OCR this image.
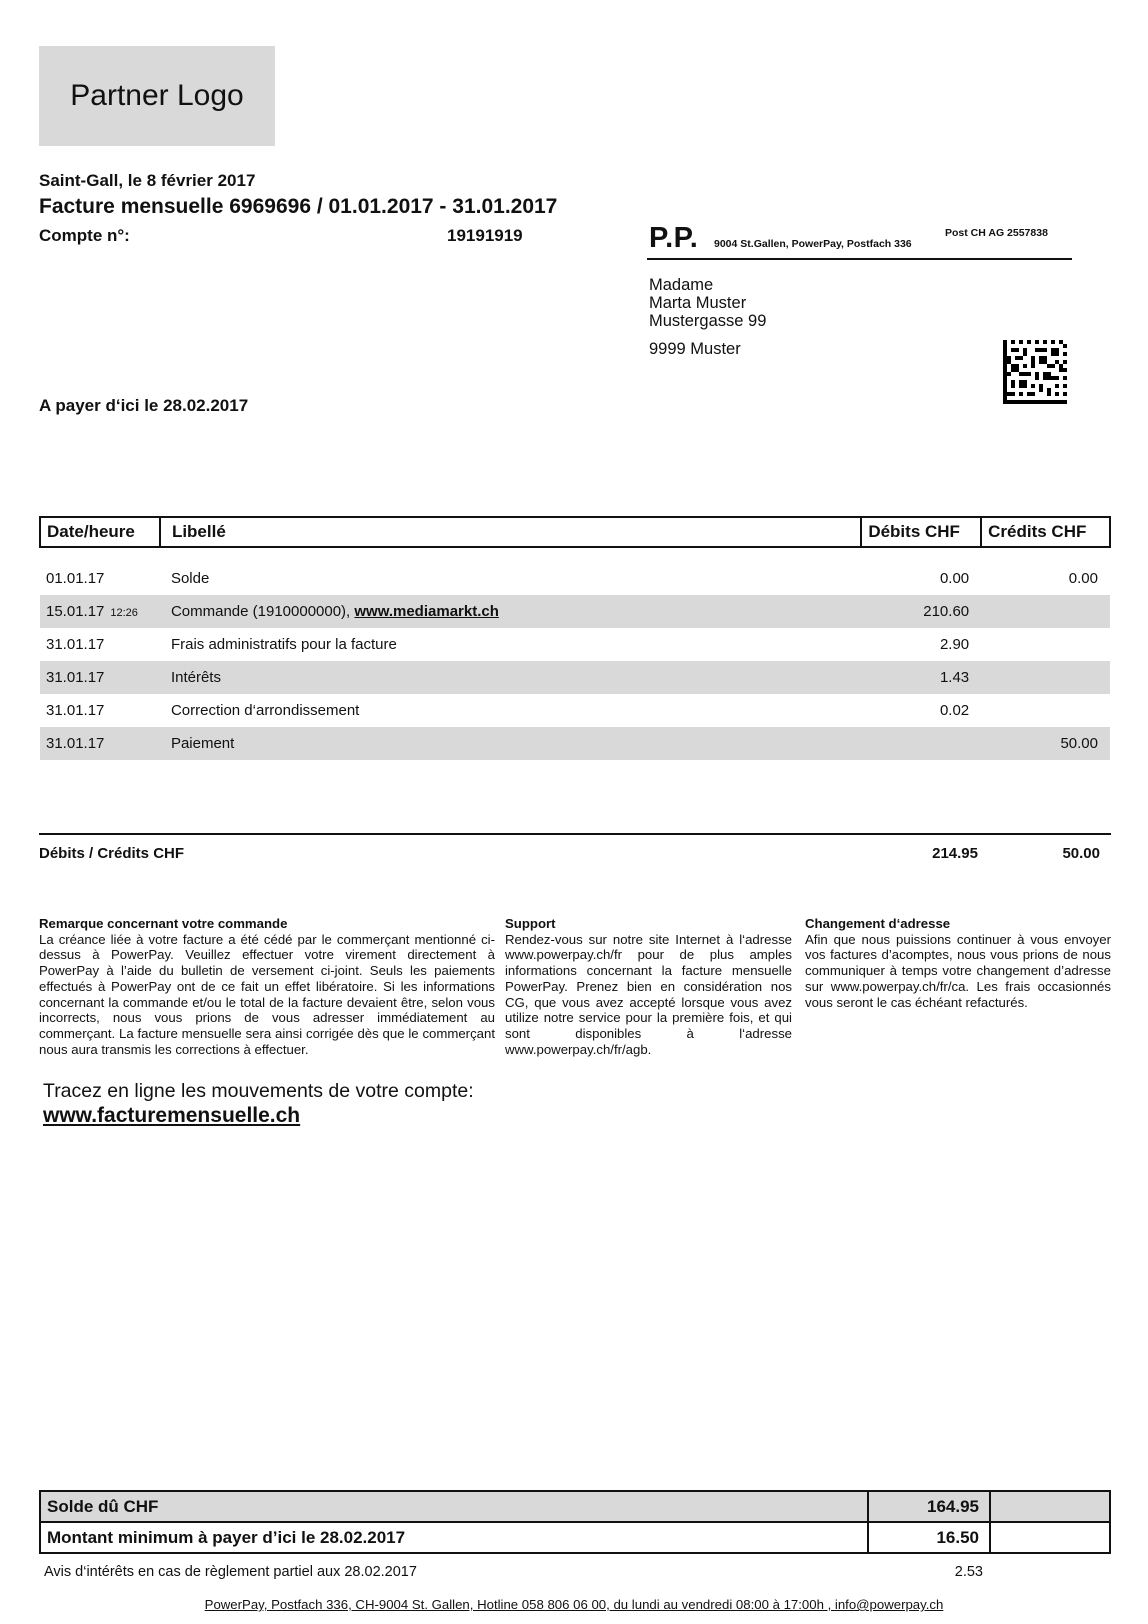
Partner Logo
Saint-Gall, le 8 février 2017
Facture mensuelle 6969696 / 01.01.2017 - 31.01.2017
Compte n°:	19191919	P.P. 9004 St.Gallen, PowerPay, Postfach 336
Post CH AG 2557838
Madame
Marta Muster
Mustergasse 99
9999 Muster
A payer d‘ici le 28.02.2017
Date/heure	Libellé	Débits CHF	Crédits CHF

01.01.17	Solde	0.00	0.00
15.01.17 12:26	Commande (1910000000), www.mediamarkt.ch	210.60	
31.01.17	Frais administratifs pour la facture	2.90	
31.01.17	Intérêts	1.43	
31.01.17	Correction d‘arrondissement	0.02	
31.01.17	Paiement		50.00
Débits / Crédits CHF	214.95	50.00
Remarque concernant votre commande
La créance liée à votre facture a été cédé par le commerçant mentionné ci-dessus à PowerPay. Veuillez effectuer votre virement directement à PowerPay à l’aide du bulletin de versement ci-joint. Seuls les paiements effectués à PowerPay ont de ce fait un effet libératoire. Si les informations concernant la commande et/ou le total de la facture devaient être, selon vous incorrects, nous vous prions de vous adresser immédiatement au commerçant. La facture mensuelle sera ainsi corrigée dès que le commerçant nous aura transmis les corrections à effectuer.
Support
Rendez-vous sur notre site Internet à l‘adresse www.powerpay.ch/fr pour de plus amples informations concernant la facture mensuelle PowerPay. Prenez bien en considération nos CG, que vous avez accepté lorsque vous avez utilize notre service pour la première fois, et qui sont disponibles à l‘adresse www.powerpay.ch/fr/agb.
Changement d‘adresse
Afin que nous puissions continuer à vous envoyer vos factures d’acomptes, nous vous prions de nous communiquer à temps votre changement d’adresse sur www.powerpay.ch/fr/ca. Les frais occasionnés vous seront le cas échéant refacturés.
Tracez en ligne les mouvements de votre compte:
www.facturemensuelle.ch
Solde dû CHF	164.95	
Montant minimum à payer d’ici le 28.02.2017	16.50	
Avis d‘intérêts en cas de règlement partiel aux 28.02.2017	2.53
PowerPay, Postfach 336, CH-9004 St. Gallen, Hotline 058 806 06 00, du lundi au vendredi 08:00 à 17:00h , info@powerpay.ch
